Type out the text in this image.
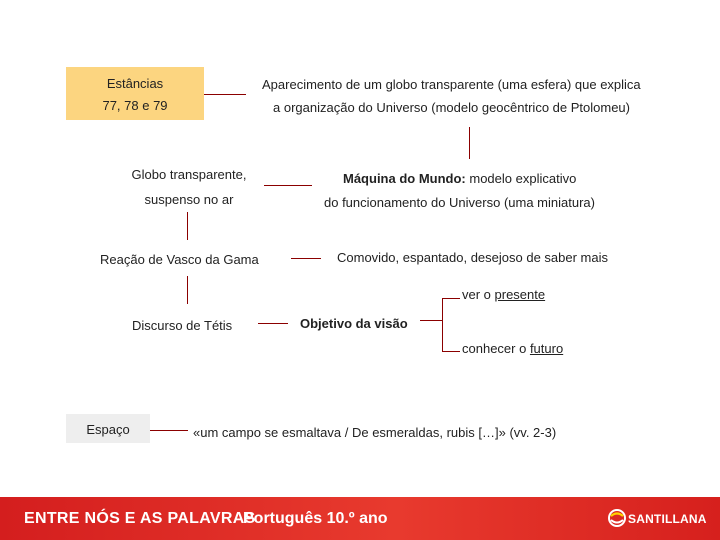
Estâncias
77, 78 e 79
Espaço
Aparecimento de um globo transparente (uma esfera) que explica
a organização do Universo (modelo geocêntrico de Ptolomeu)
Globo transparente,
suspenso no ar
Máquina do Mundo: modelo explicativo
do funcionamento do Universo (uma miniatura)
Reação de Vasco da Gama	Comovido, espantado, desejoso de saber mais
Discurso de Tétis	Objetivo da visão
ver o presente
conhecer o futuro
«um campo se esmaltava / De esmeraldas, rubis […]» (vv. 2-3)
ENTRE NÓS E AS PALAVRAS
Português 10.º ano	SANTILLANA
